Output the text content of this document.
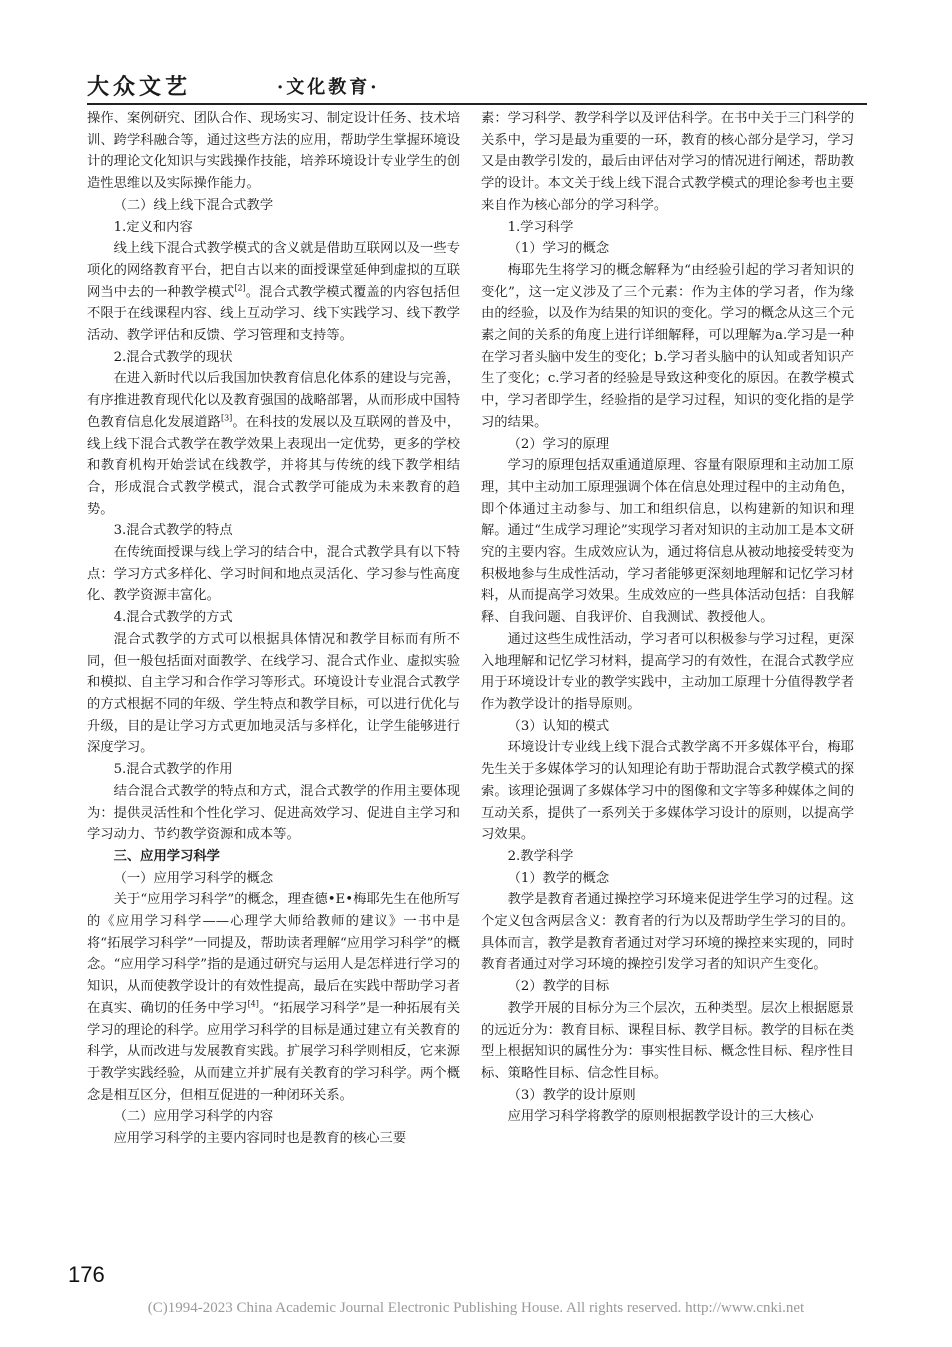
大众文艺	·文化教育·

操作、案例研究、团队合作、现场实习、制定设计任务、技术培训、跨学科融合等，通过这些方法的应用，帮助学生掌握环境设计的理论文化知识与实践操作技能，培养环境设计专业学生的创造性思维以及实际操作能力。

（二）线上线下混合式教学

1.定义和内容

线上线下混合式教学模式的含义就是借助互联网以及一些专项化的网络教育平台，把自古以来的面授课堂延伸到虚拟的互联网当中去的一种教学模式[2]。混合式教学模式覆盖的内容包括但不限于在线课程内容、线上互动学习、线下实践学习、线下教学活动、教学评估和反馈、学习管理和支持等。

2.混合式教学的现状

在进入新时代以后我国加快教育信息化体系的建设与完善，有序推进教育现代化以及教育强国的战略部署，从而形成中国特色教育信息化发展道路[3]。在科技的发展以及互联网的普及中，线上线下混合式教学在教学效果上表现出一定优势，更多的学校和教育机构开始尝试在线教学，并将其与传统的线下教学相结合，形成混合式教学模式，混合式教学可能成为未来教育的趋势。

3.混合式教学的特点

在传统面授课与线上学习的结合中，混合式教学具有以下特点：学习方式多样化、学习时间和地点灵活化、学习参与性高度化、教学资源丰富化。

4.混合式教学的方式

混合式教学的方式可以根据具体情况和教学目标而有所不同，但一般包括面对面教学、在线学习、混合式作业、虚拟实验和模拟、自主学习和合作学习等形式。环境设计专业混合式教学的方式根据不同的年级、学生特点和教学目标，可以进行优化与升级，目的是让学习方式更加地灵活与多样化，让学生能够进行深度学习。

5.混合式教学的作用

结合混合式教学的特点和方式，混合式教学的作用主要体现为：提供灵活性和个性化学习、促进高效学习、促进自主学习和学习动力、节约教学资源和成本等。

三、应用学习科学

（一）应用学习科学的概念

关于“应用学习科学”的概念，理查德•E•梅耶先生在他所写的《应用学习科学——心理学大师给教师的建议》一书中是将“拓展学习科学”一同提及，帮助读者理解“应用学习科学”的概念。“应用学习科学”指的是通过研究与运用人是怎样进行学习的知识，从而使教学设计的有效性提高，最后在实践中帮助学习者在真实、确切的任务中学习[4]。“拓展学习科学”是一种拓展有关学习的理论的科学。应用学习科学的目标是通过建立有关教育的科学，从而改进与发展教育实践。扩展学习科学则相反，它来源于教学实践经验，从而建立并扩展有关教育的学习科学。两个概念是相互区分，但相互促进的一种闭环关系。

（二）应用学习科学的内容

应用学习科学的主要内容同时也是教育的核心三要

素：学习科学、教学科学以及评估科学。在书中关于三门科学的关系中，学习是最为重要的一环，教育的核心部分是学习，学习又是由教学引发的，最后由评估对学习的情况进行阐述，帮助教学的设计。本文关于线上线下混合式教学模式的理论参考也主要来自作为核心部分的学习科学。

1.学习科学

（1）学习的概念

梅耶先生将学习的概念解释为“由经验引起的学习者知识的变化”，这一定义涉及了三个元素：作为主体的学习者，作为缘由的经验，以及作为结果的知识的变化。学习的概念从这三个元素之间的关系的角度上进行详细解释，可以理解为a.学习是一种在学习者头脑中发生的变化；b.学习者头脑中的认知或者知识产生了变化；c.学习者的经验是导致这种变化的原因。在教学模式中，学习者即学生，经验指的是学习过程，知识的变化指的是学习的结果。

（2）学习的原理

学习的原理包括双重通道原理、容量有限原理和主动加工原理，其中主动加工原理强调个体在信息处理过程中的主动角色，即个体通过主动参与、加工和组织信息，以构建新的知识和理解。通过“生成学习理论”实现学习者对知识的主动加工是本文研究的主要内容。生成效应认为，通过将信息从被动地接受转变为积极地参与生成性活动，学习者能够更深刻地理解和记忆学习材料，从而提高学习效果。生成效应的一些具体活动包括：自我解释、自我问题、自我评价、自我测试、教授他人。

通过这些生成性活动，学习者可以积极参与学习过程，更深入地理解和记忆学习材料，提高学习的有效性，在混合式教学应用于环境设计专业的教学实践中，主动加工原理十分值得教学者作为教学设计的指导原则。

（3）认知的模式

环境设计专业线上线下混合式教学离不开多媒体平台，梅耶先生关于多媒体学习的认知理论有助于帮助混合式教学模式的探索。该理论强调了多媒体学习中的图像和文字等多种媒体之间的互动关系，提供了一系列关于多媒体学习设计的原则，以提高学习效果。

2.教学科学

（1）教学的概念

教学是教育者通过操控学习环境来促进学生学习的过程。这个定义包含两层含义：教育者的行为以及帮助学生学习的目的。具体而言，教学是教育者通过对学习环境的操控来实现的，同时教育者通过对学习环境的操控引发学习者的知识产生变化。

（2）教学的目标

教学开展的目标分为三个层次，五种类型。层次上根据愿景的远近分为：教育目标、课程目标、教学目标。教学的目标在类型上根据知识的属性分为：事实性目标、概念性目标、程序性目标、策略性目标、信念性目标。

（3）教学的设计原则

应用学习科学将教学的原则根据教学设计的三大核心

176
(C)1994-2023 China Academic Journal Electronic Publishing House. All rights reserved. http://www.cnki.net
